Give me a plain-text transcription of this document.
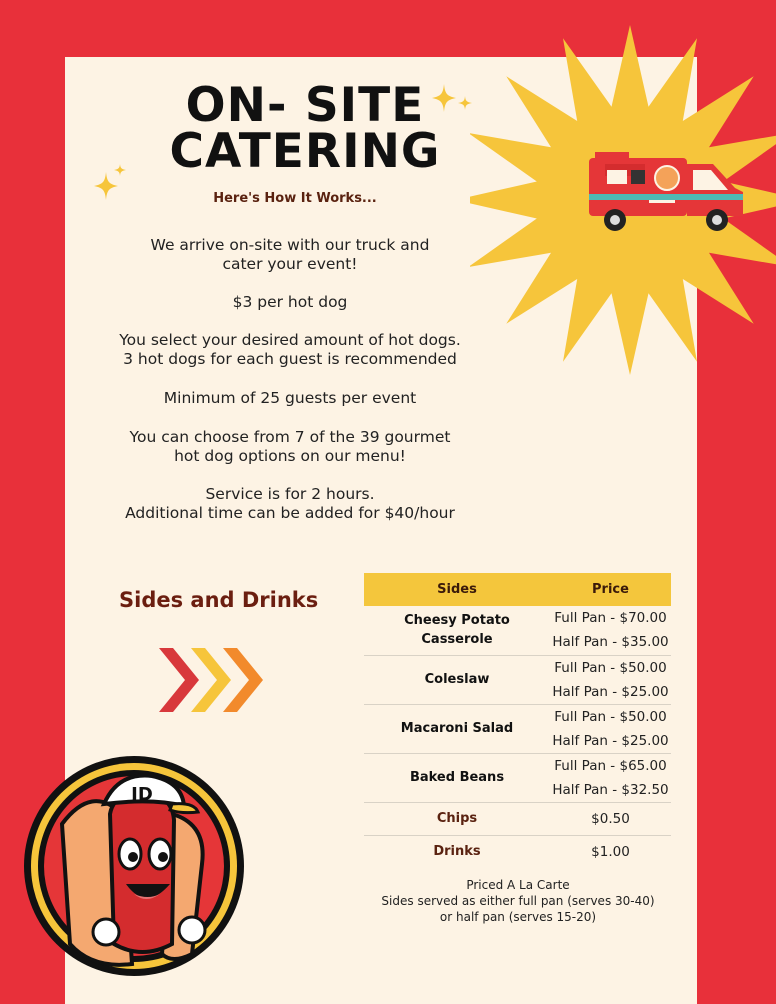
ON- SITE
CATERING
Here's How It Works...
We arrive on-site with our truck and
cater your event!
$3 per hot dog
You select your desired amount of hot dogs.
3 hot dogs for each guest is recommended
Minimum of 25 guests per event
You can choose from 7 of the 39 gourmet
hot dog options on our menu!
Service is for 2 hours.
Additional time can be added for $40/hour
Sides and Drinks	Sides	Price
Cheesy Potato Casserole	Full Pan - $70.00
Half Pan - $35.00

Coleslaw	Full Pan - $50.00
Half Pan - $25.00

Macaroni Salad	Full Pan - $50.00
Half Pan - $25.00

Baked Beans	Full Pan - $65.00
Half Pan - $32.50

Chips	$0.50
Drinks	$1.00
Priced A La Carte
Sides served as either full pan (serves 30-40)
or half pan (serves 15-20)
JD
